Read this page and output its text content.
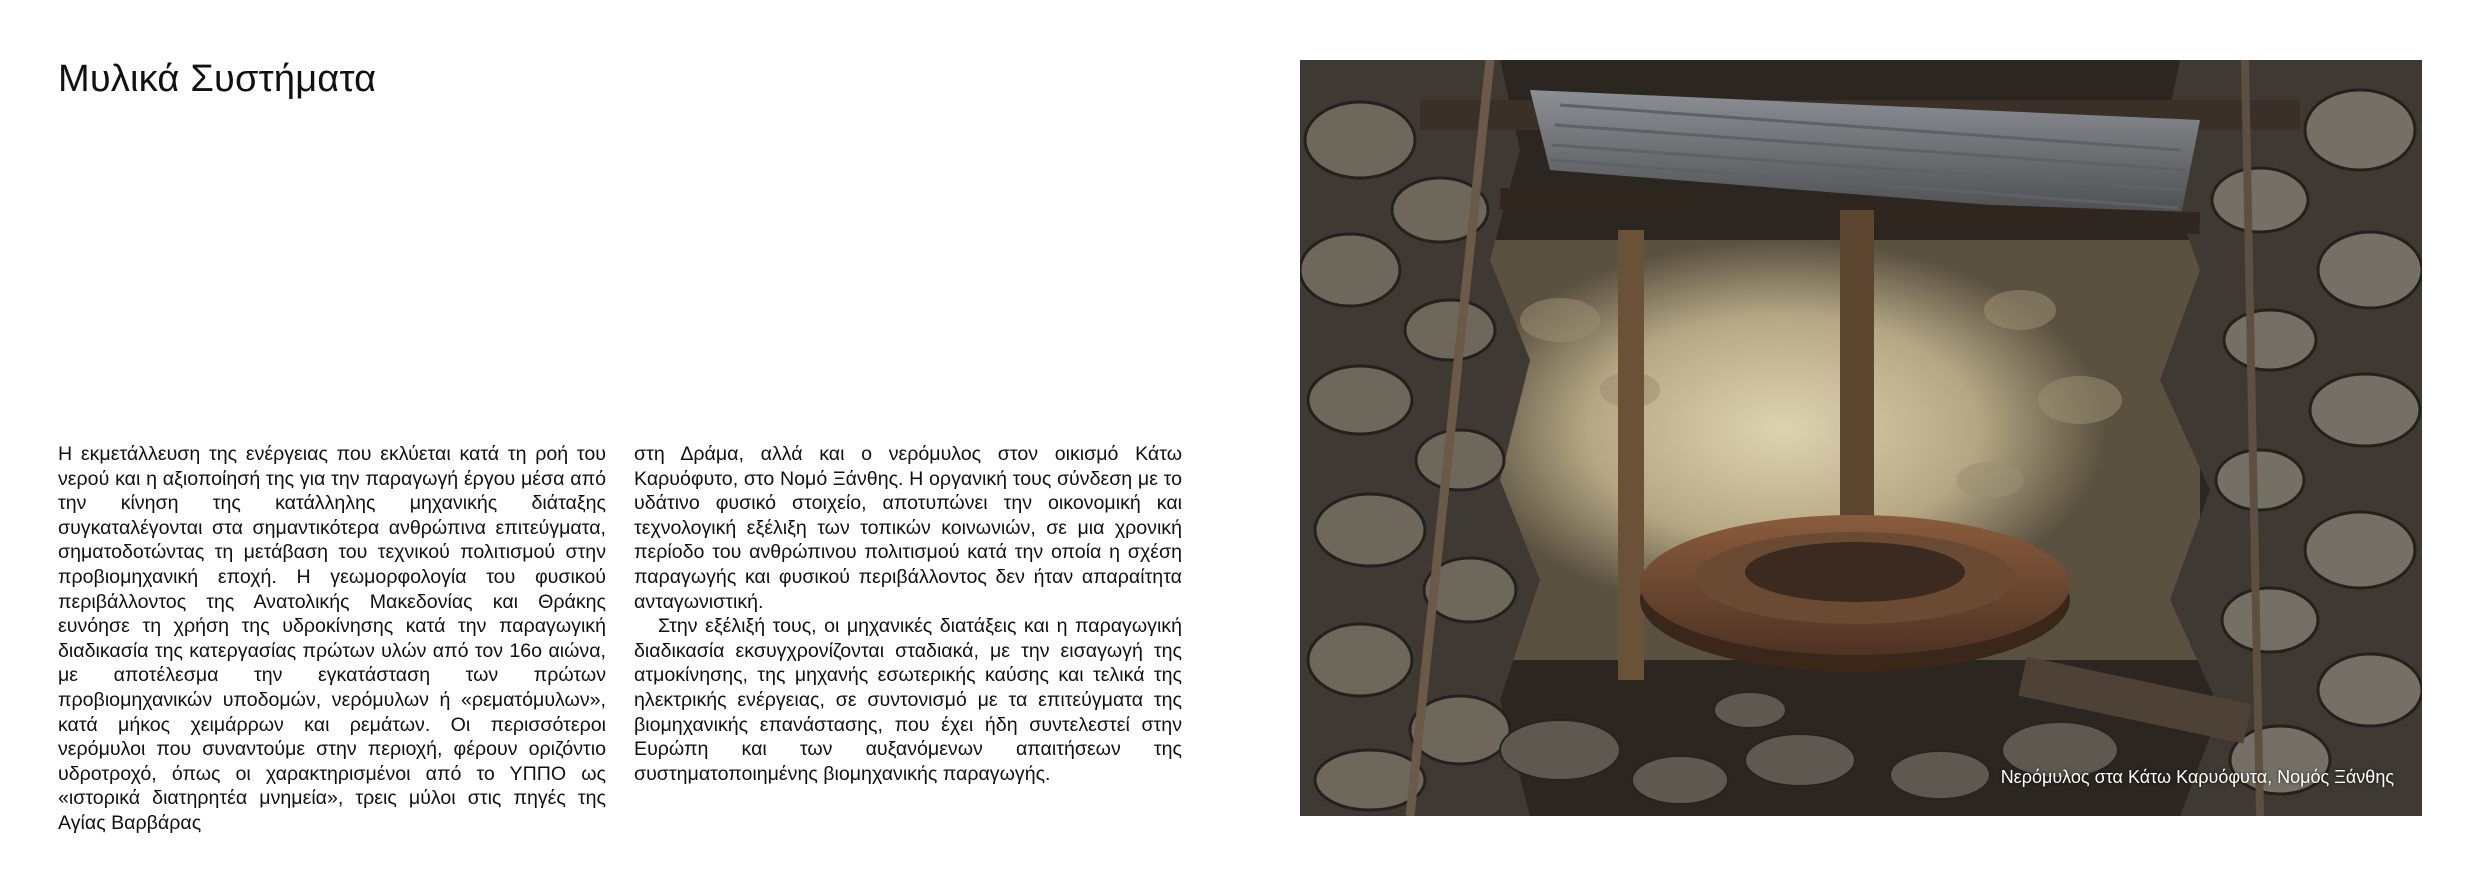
Μυλικά Συστήματα

Η εκμετάλλευση της ενέργειας που εκλύεται κατά τη ροή του νερού και η αξιοποίησή της για την παραγωγή έργου μέσα από την κίνηση της κατάλληλης μηχανικής διάταξης συγκαταλέγονται στα σημαντικότερα ανθρώπινα επιτεύγματα, σηματοδοτώντας τη μετάβαση του τεχνικού πολιτισμού στην προβιομηχανική εποχή. Η γεωμορφολογία του φυσικού περιβάλλοντος της Ανατολικής Μακεδονίας και Θράκης ευνόησε τη χρήση της υδροκίνησης κατά την παραγωγική διαδικασία της κατεργασίας πρώτων υλών από τον 16ο αιώνα, με αποτέλεσμα την εγκατάσταση των πρώτων προβιομηχανικών υποδομών, νερόμυλων ή «ρεματόμυλων», κατά μήκος χειμάρρων και ρεμάτων. Οι περισσότεροι νερόμυλοι που συναντούμε στην περιοχή, φέρουν οριζόντιο υδροτροχό, όπως οι χαρακτηρισμένοι από το ΥΠΠΟ ως «ιστορικά διατηρητέα μνημεία», τρεις μύλοι στις πηγές της Αγίας Βαρβάρας

στη Δράμα, αλλά και ο νερόμυλος στον οικισμό Κάτω Καρυόφυτο, στο Νομό Ξάνθης. Η οργανική τους σύνδεση με το υδάτινο φυσικό στοιχείο, αποτυπώνει την οικονομική και τεχνολογική εξέλιξη των τοπικών κοινωνιών, σε μια χρονική περίοδο του ανθρώπινου πολιτισμού κατά την οποία η σχέση παραγωγής και φυσικού περιβάλλοντος δεν ήταν απαραίτητα ανταγωνιστική.

Στην εξέλιξή τους, οι μηχανικές διατάξεις και η παραγωγική διαδικασία εκσυγχρονίζονται σταδιακά, με την εισαγωγή της ατμοκίνησης, της μηχανής εσωτερικής καύσης και τελικά της ηλεκτρικής ενέργειας, σε συντονισμό με τα επιτεύγματα της βιομηχανικής επανάστασης, που έχει ήδη συντελεστεί στην Ευρώπη και των αυξανόμενων απαιτήσεων της συστηματοποιημένης βιομηχανικής παραγωγής.	Νερόμυλος στα Κάτω Καρυόφυτα, Νομός Ξάνθης
